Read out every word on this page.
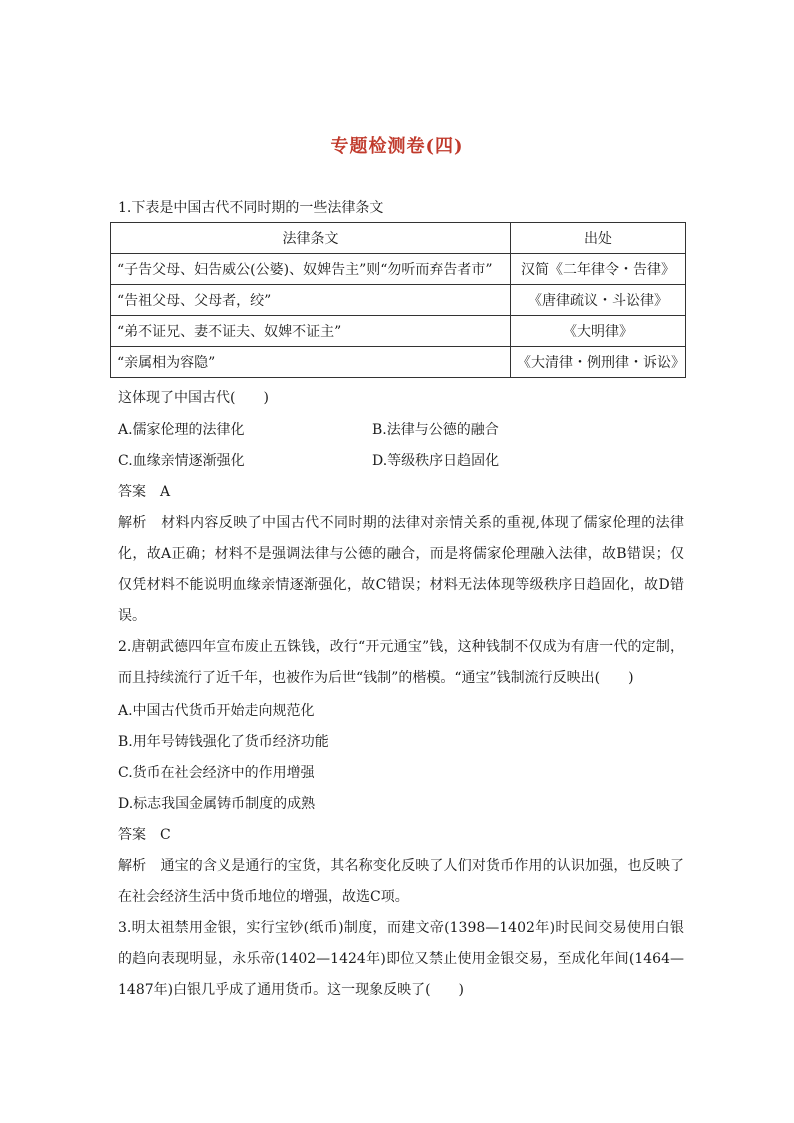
专题检测卷(四)
1.下表是中国古代不同时期的一些法律条文
法律条文	出处
“子告父母、妇告威公(公婆)、奴婢告主”则“勿听而弃告者市”	汉简《二年律令・告律》
“告祖父母、父母者，绞”	《唐律疏议・斗讼律》
“弟不证兄、妻不证夫、奴婢不证主”	《大明律》
“亲属相为容隐”	《大清律・例刑律・诉讼》
这体现了中国古代(　　)
A.儒家伦理的法律化	B.法律与公德的融合
C.血缘亲情逐渐强化	D.等级秩序日趋固化
答案　A
解析　材料内容反映了中国古代不同时期的法律对亲情关系的重视,体现了儒家伦理的法律化，故A正确；材料不是强调法律与公德的融合，而是将儒家伦理融入法律，故B错误；仅仅凭材料不能说明血缘亲情逐渐强化，故C错误；材料无法体现等级秩序日趋固化，故D错误。
2.唐朝武德四年宣布废止五铢钱，改行“开元通宝”钱，这种钱制不仅成为有唐一代的定制，而且持续流行了近千年，也被作为后世“钱制”的楷模。“通宝”钱制流行反映出(　　)
A.中国古代货币开始走向规范化
B.用年号铸钱强化了货币经济功能
C.货币在社会经济中的作用增强
D.标志我国金属铸币制度的成熟
答案　C
解析　通宝的含义是通行的宝货，其名称变化反映了人们对货币作用的认识加强，也反映了在社会经济生活中货币地位的增强，故选C项。
3.明太祖禁用金银，实行宝钞(纸币)制度，而建文帝(1398—1402年)时民间交易使用白银的趋向表现明显，永乐帝(1402—1424年)即位又禁止使用金银交易，至成化年间(1464—1487年)白银几乎成了通用货币。这一现象反映了(　　)
